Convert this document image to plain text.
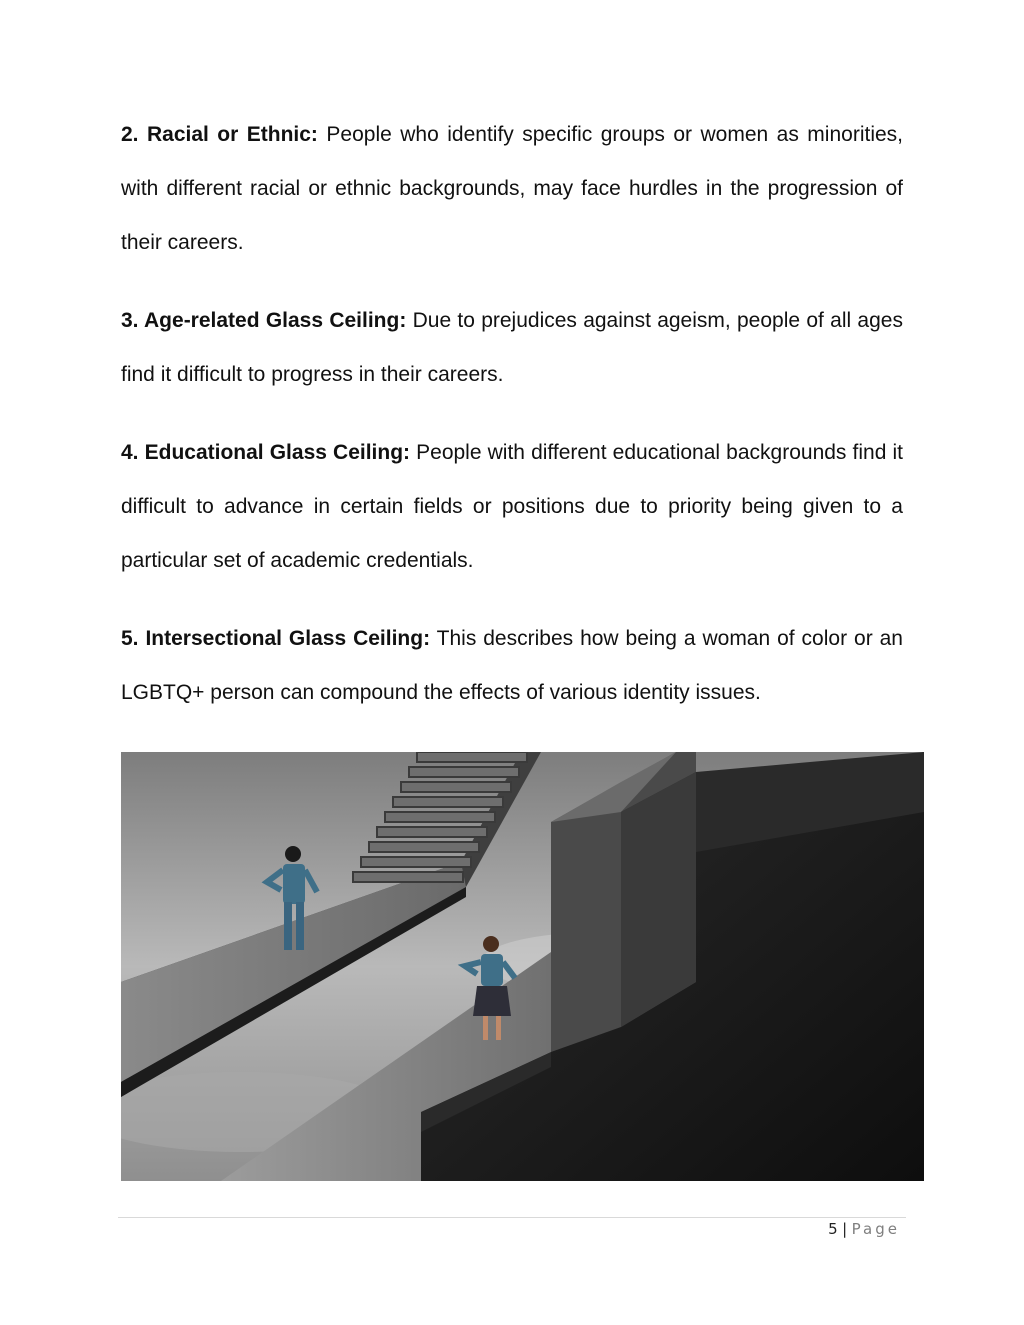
2. Racial or Ethnic: People who identify specific groups or women as minorities, with different racial or ethnic backgrounds, may face hurdles in the progression of their careers.

3. Age-related Glass Ceiling: Due to prejudices against ageism, people of all ages find it difficult to progress in their careers.

4. Educational Glass Ceiling: People with different educational backgrounds find it difficult to advance in certain fields or positions due to priority being given to a particular set of academic credentials.

5. Intersectional Glass Ceiling: This describes how being a woman of color or an LGBTQ+ person can compound the effects of various identity issues.

5 | Page
